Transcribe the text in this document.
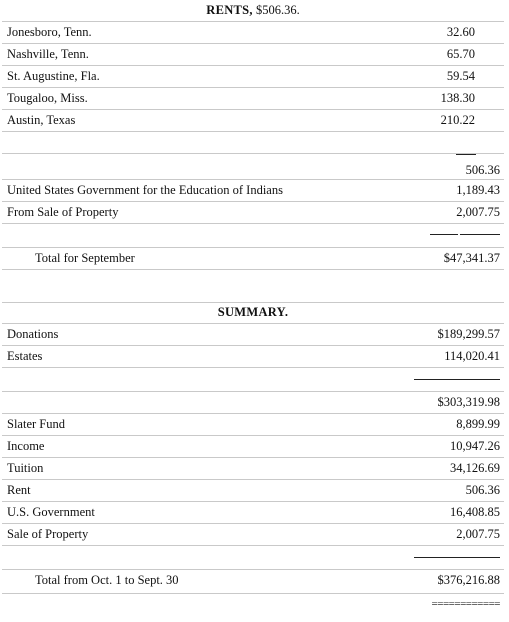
RENTS, $506.36.
Jonesboro, Tenn.	32.60
Nashville, Tenn.	65.70
St. Augustine, Fla.	59.54
Tougaloo, Miss.	138.30
Austin, Texas	210.22
506.36
United States Government for the Education of Indians	1,189.43
From Sale of Property	2,007.75
Total for September	$47,341.37
SUMMARY.
Donations	$189,299.57
Estates	114,020.41
$303,319.98
Slater Fund	8,899.99
Income	10,947.26
Tuition	34,126.69
Rent	506.36
U.S. Government	16,408.85
Sale of Property	2,007.75
Total from Oct. 1 to Sept. 30	$376,216.88
============
